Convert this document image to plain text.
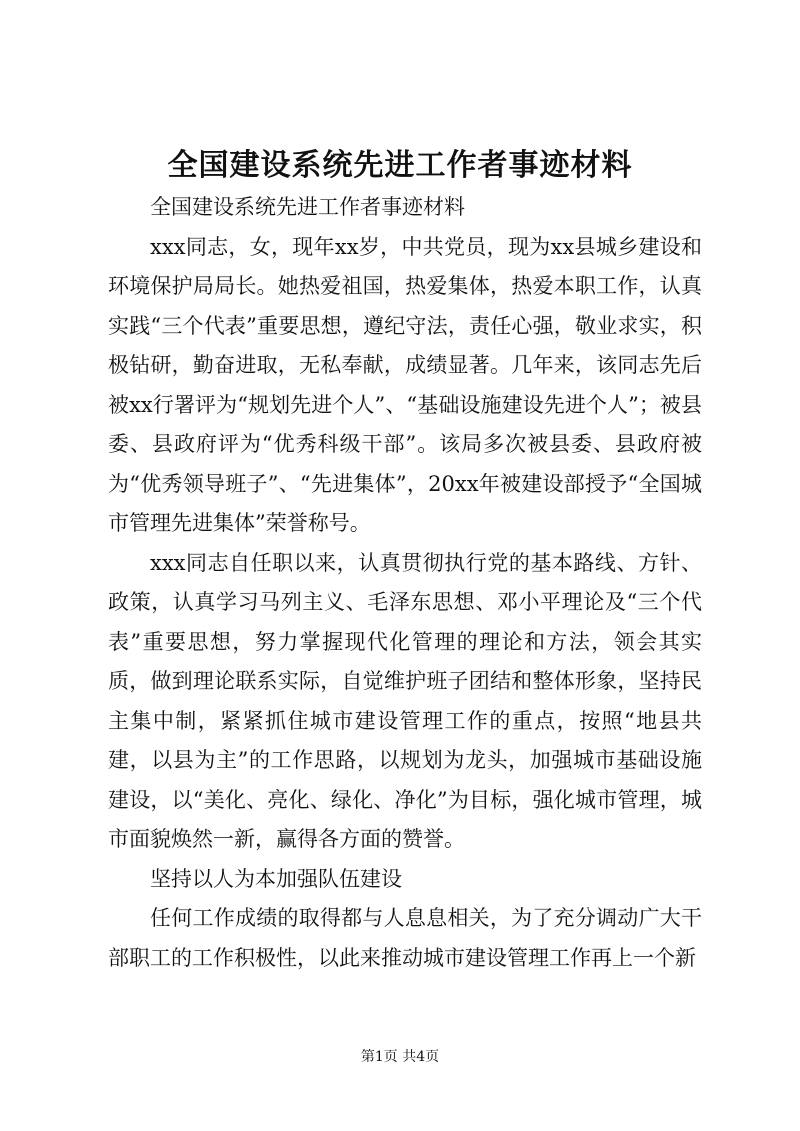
全国建设系统先进工作者事迹材料

全国建设系统先进工作者事迹材料

xxx同志，女，现年xx岁，中共党员，现为xx县城乡建设和环境保护局局长。她热爱祖国，热爱集体，热爱本职工作，认真实践“三个代表”重要思想，遵纪守法，责任心强，敬业求实，积极钻研，勤奋进取，无私奉献，成绩显著。几年来，该同志先后被xx行署评为“规划先进个人”、“基础设施建设先进个人”；被县委、县政府评为“优秀科级干部”。该局多次被县委、县政府被为“优秀领导班子”、“先进集体”，20xx年被建设部授予“全国城市管理先进集体”荣誉称号。

xxx同志自任职以来，认真贯彻执行党的基本路线、方针、政策，认真学习马列主义、毛泽东思想、邓小平理论及“三个代表”重要思想，努力掌握现代化管理的理论和方法，领会其实质，做到理论联系实际，自觉维护班子团结和整体形象，坚持民主集中制，紧紧抓住城市建设管理工作的重点，按照“地县共建，以县为主”的工作思路，以规划为龙头，加强城市基础设施建设，以“美化、亮化、绿化、净化”为目标，强化城市管理，城市面貌焕然一新，赢得各方面的赞誉。

坚持以人为本加强队伍建设

任何工作成绩的取得都与人息息相关，为了充分调动广大干部职工的工作积极性，以此来推动城市建设管理工作再上一个新

第1页 共4页
